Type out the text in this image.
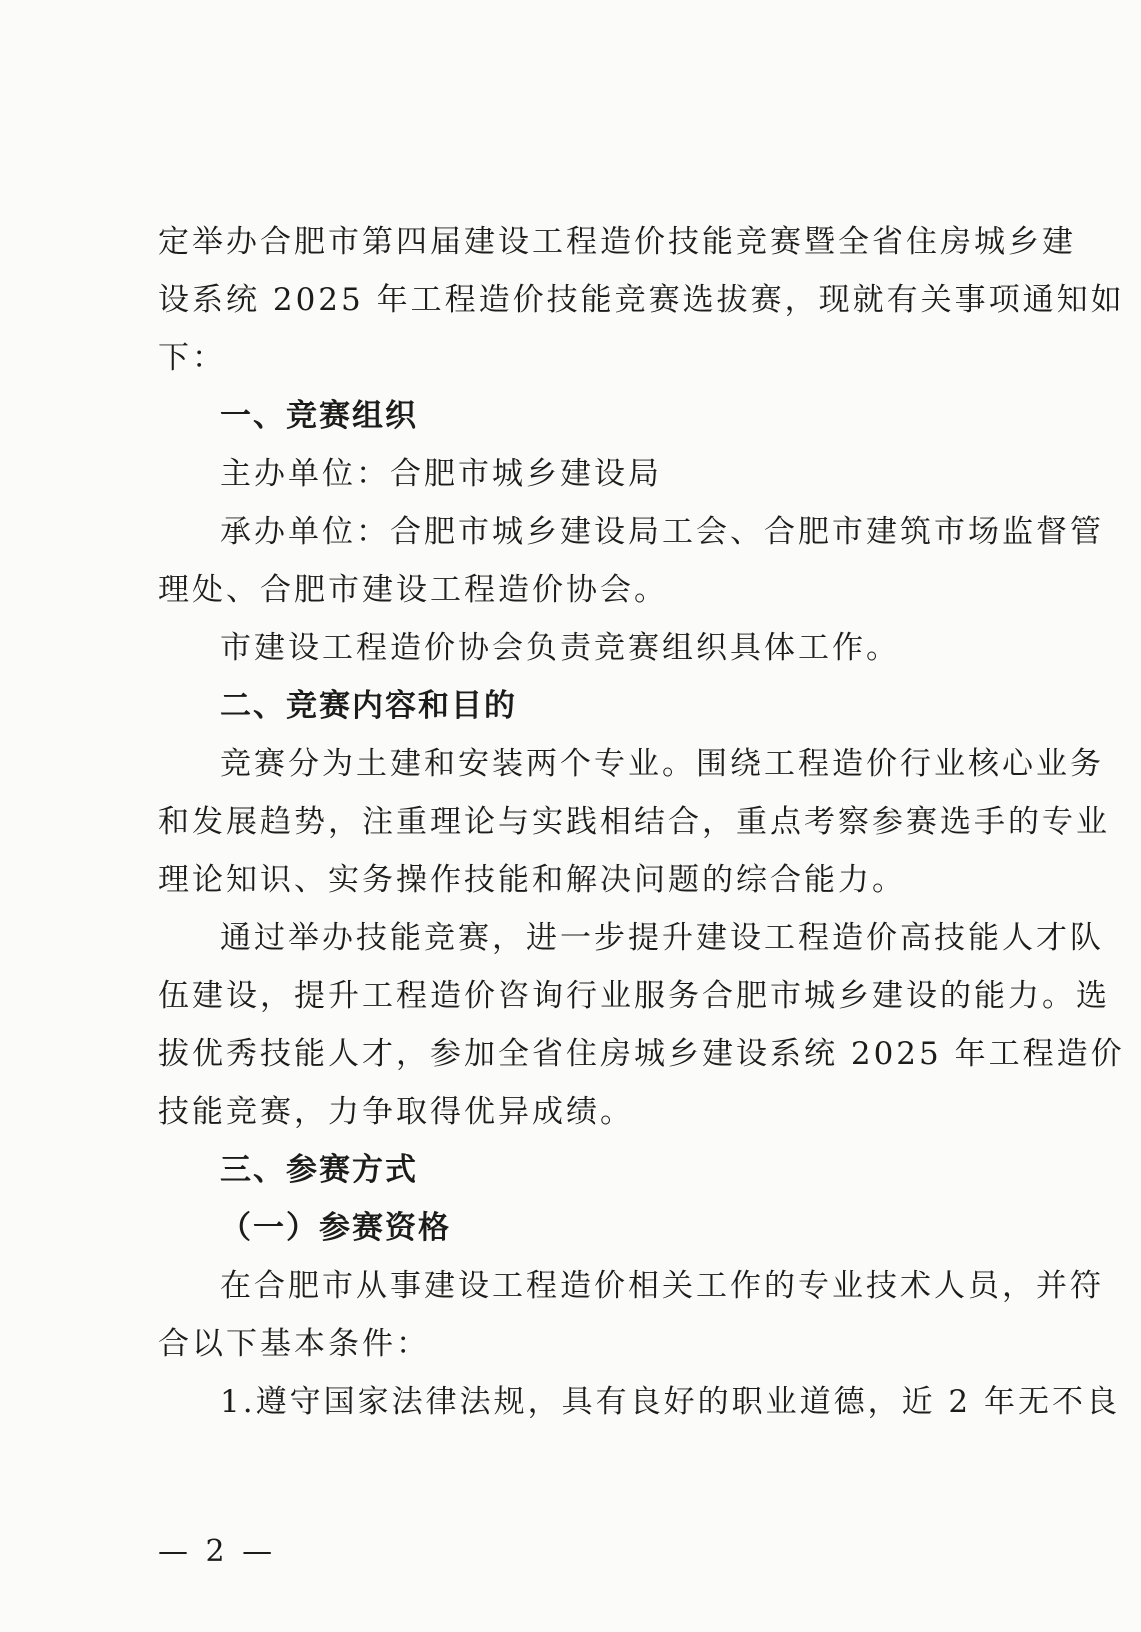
定举办合肥市第四届建设工程造价技能竞赛暨全省住房城乡建
设系统 2025 年工程造价技能竞赛选拔赛，现就有关事项通知如
下：
一、竞赛组织
主办单位：合肥市城乡建设局
承办单位：合肥市城乡建设局工会、合肥市建筑市场监督管
理处、合肥市建设工程造价协会。
市建设工程造价协会负责竞赛组织具体工作。
二、竞赛内容和目的
竞赛分为土建和安装两个专业。围绕工程造价行业核心业务
和发展趋势，注重理论与实践相结合，重点考察参赛选手的专业
理论知识、实务操作技能和解决问题的综合能力。
通过举办技能竞赛，进一步提升建设工程造价高技能人才队
伍建设，提升工程造价咨询行业服务合肥市城乡建设的能力。选
拔优秀技能人才，参加全省住房城乡建设系统 2025 年工程造价
技能竞赛，力争取得优异成绩。
三、参赛方式
（一）参赛资格
在合肥市从事建设工程造价相关工作的专业技术人员，并符
合以下基本条件：
1.遵守国家法律法规，具有良好的职业道德，近 2 年无不良
— 2 —
